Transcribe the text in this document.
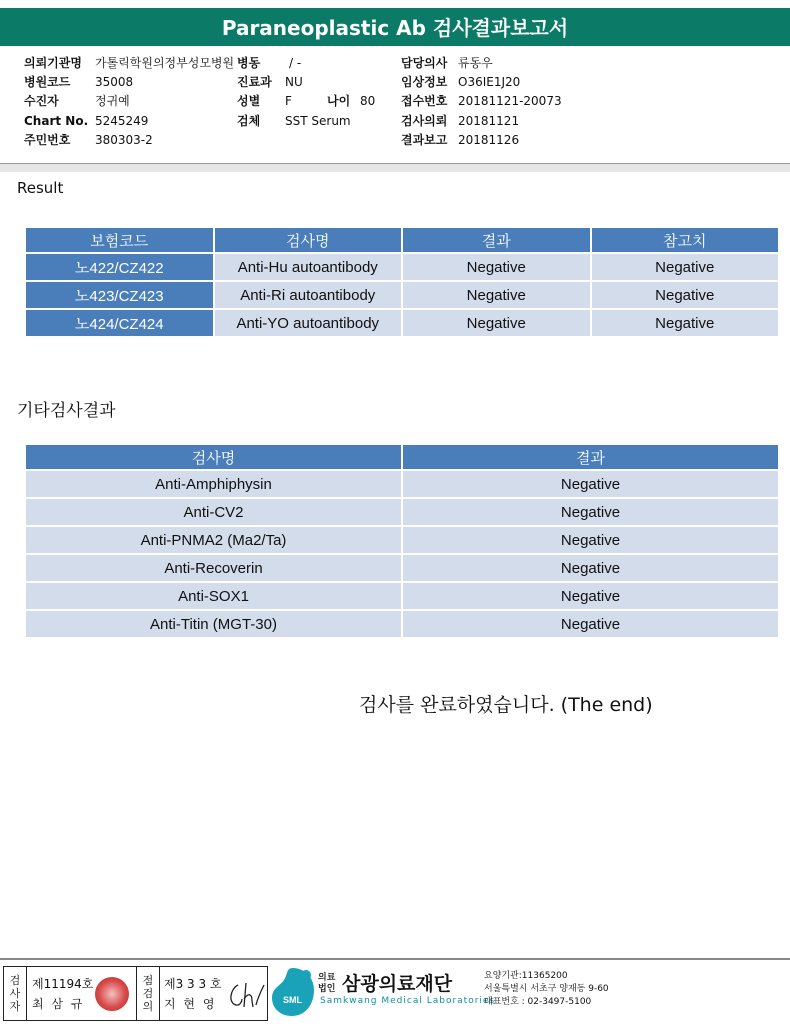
Paraneoplastic Ab 검사결과보고서
의뢰기관명 가톨릭학원의정부성모병원
병원코드 35008
수진자	정귀예
Chart No. 5245249
주민번호 380303-2
병동 / -
진료과 NU
성별 F	나이 80
검체 SST Serum
담당의사 류동우
임상정보 O36IE1J20
접수번호 20181121-20073
검사의뢰 20181121
결과보고 20181126
Result
보험코드	검사명	결과	참고치
노422/CZ422	Anti-Hu autoantibody	Negative	Negative
노423/CZ423	Anti-Ri autoantibody	Negative	Negative
노424/CZ424	Anti-YO autoantibody	Negative	Negative
기타검사결과
검사명	결과
Anti-Amphiphysin	Negative
Anti-CV2	Negative
Anti-PNMA2 (Ma2/Ta)	Negative
Anti-Recoverin	Negative
Anti-SOX1	Negative
Anti-Titin (MGT-30)	Negative
검사를 완료하였습니다. (The end)
검
사
자
제11194호
최 삼 규
점
검
의
제3 3 3 호
지 현 영	SML
의료
법인 삼광의료재단
Samkwang Medical Laboratories
요양기관:11365200
서울특별시 서초구 양재동 9-60
대표번호 : 02-3497-5100
